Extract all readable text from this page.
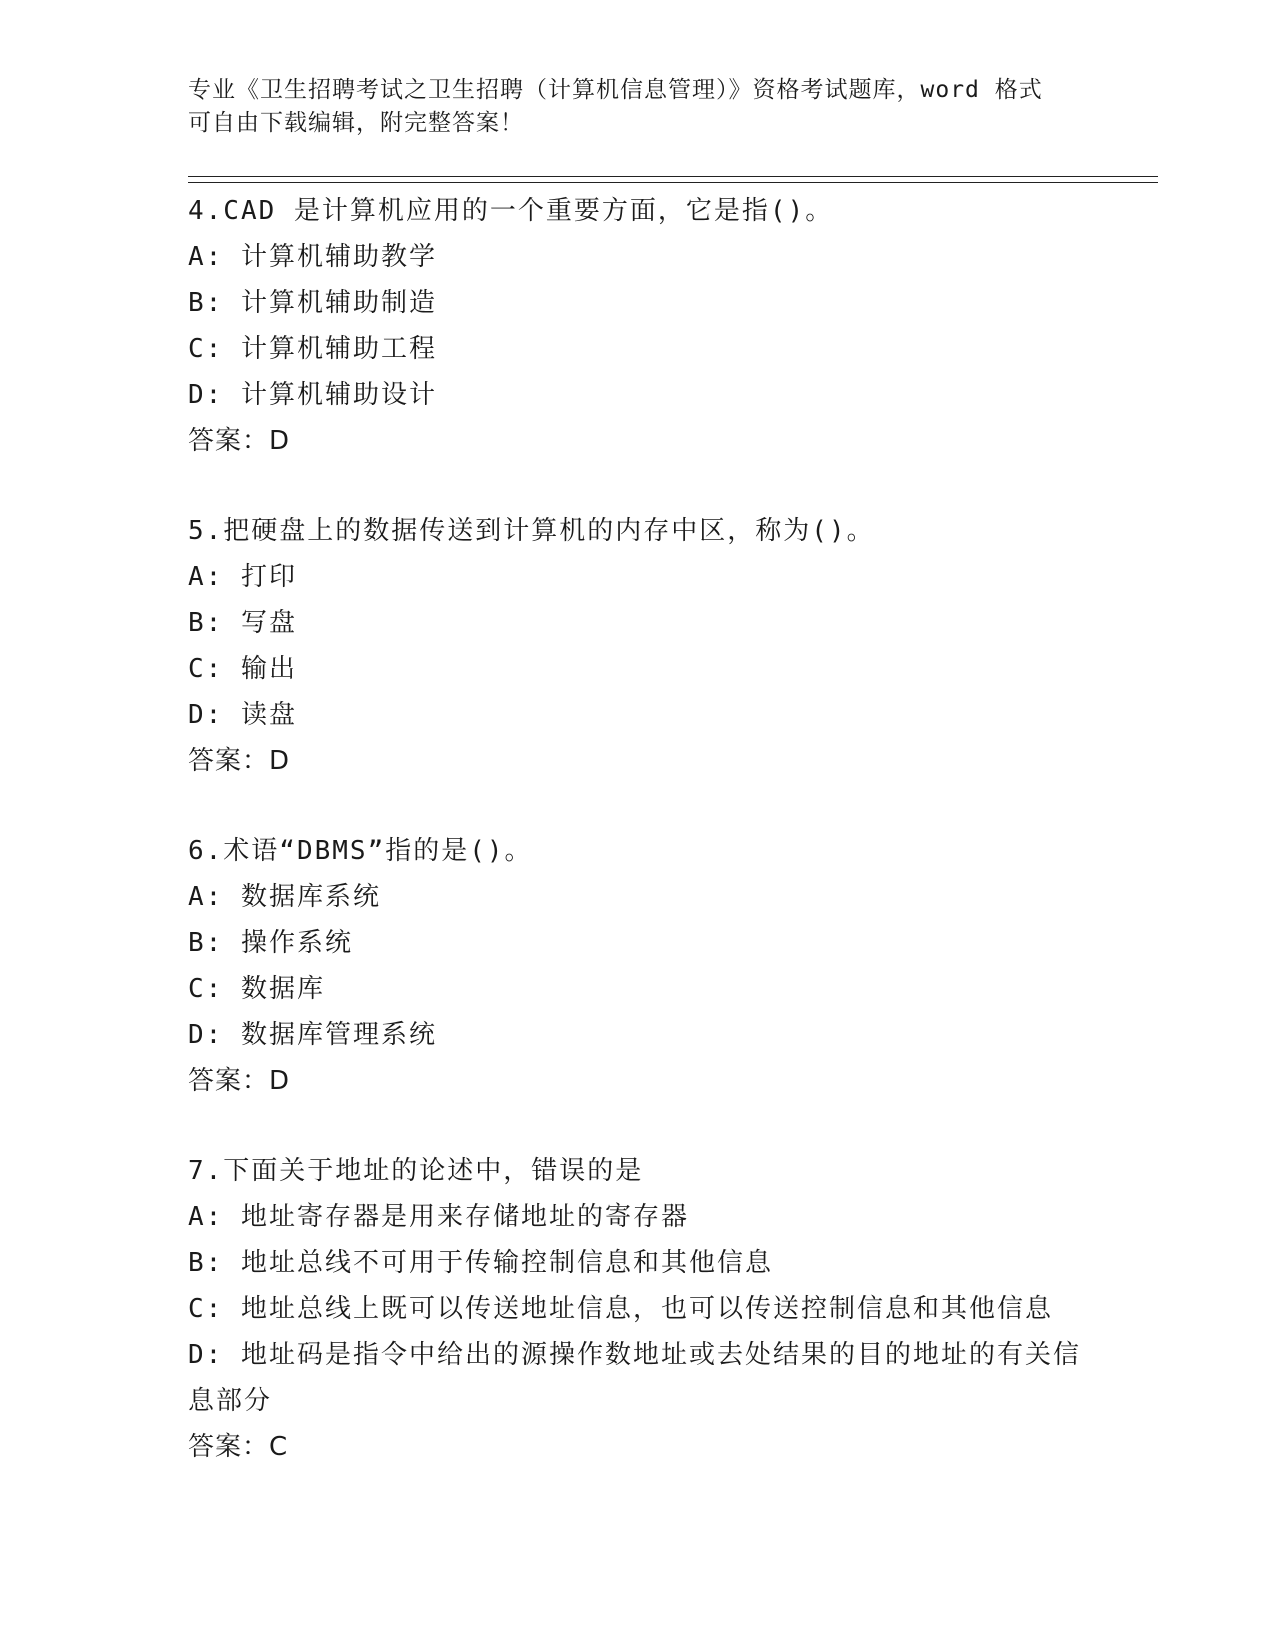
专业《卫生招聘考试之卫生招聘（计算机信息管理）》资格考试题库，word 格式
可自由下载编辑，附完整答案！
4.CAD 是计算机应用的一个重要方面，它是指()。
A: 计算机辅助教学
B: 计算机辅助制造
C: 计算机辅助工程
D: 计算机辅助设计
答案：D
5.把硬盘上的数据传送到计算机的内存中区，称为()。
A: 打印
B: 写盘
C: 输出
D: 读盘
答案：D
6.术语“DBMS”指的是()。
A: 数据库系统
B: 操作系统
C: 数据库
D: 数据库管理系统
答案：D
7.下面关于地址的论述中，错误的是
A: 地址寄存器是用来存储地址的寄存器
B: 地址总线不可用于传输控制信息和其他信息
C: 地址总线上既可以传送地址信息，也可以传送控制信息和其他信息
D: 地址码是指令中给出的源操作数地址或去处结果的目的地址的有关信息部分
答案：C
